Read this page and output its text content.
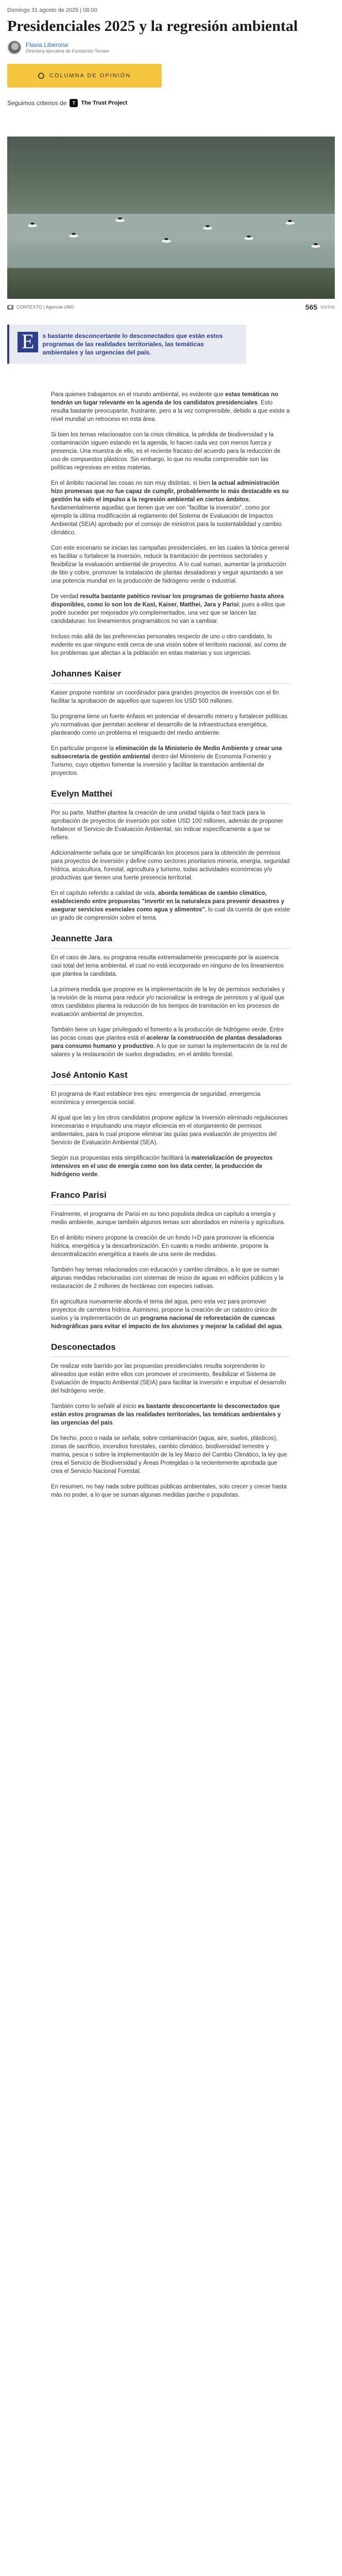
Domingo 31 agosto de 2025 | 08:00
Presidenciales 2025 y la regresión ambiental
Flavia Liberona
Directora ejecutiva de Fundación Terram
COLUMNA DE OPINIÓN
Seguimos criterios de	T	The Trust Project
CONTEXTO | Agencia UNO	565 VISTAS
E	s bastante desconcertante lo desconectados que están estos programas de las realidades territoriales, las temáticas ambientales y las urgencias del país.

Para quienes trabajamos en el mundo ambiental, es evidente que estas temáticas no tendrán un lugar relevante en la agenda de los candidatos presidenciales. Esto resulta bastante preocupante, frustrante, pero a la vez comprensible, debido a que existe a nivel mundial un retroceso en esta área.

Si bien los temas relacionados con la crisis climática, la pérdida de biodiversidad y la contaminación siguen estando en la agenda, lo hacen cada vez con menos fuerza y presencia. Una muestra de ello, es el reciente fracaso del acuerdo para la reducción de uso de compuestos plásticos. Sin embargo, lo que no resulta comprensible son las políticas regresivas en estas materias.

En el ámbito nacional las cosas no son muy distintas, si bien la actual administración hizo promesas que no fue capaz de cumplir, probablemente lo más destacable es su gestión ha sido el impulso a la regresión ambiental en ciertos ámbitos, fundamentalmente aquellas que tienen que ver con "facilitar la inversión", como por ejemplo la última modificación al reglamento del Sistema de Evaluación de Impactos Ambiental (SEIA) aprobado por el consejo de ministros para la sustentabilidad y cambio climático.

Con este escenario se inician las campañas presidenciales, en las cuales la tónica general es facilitar o fortalecer la inversión, reducir la tramitación de permisos sectoriales y flexibilizar la evaluación ambiental de proyectos. A lo cual suman, aumentar la producción de litio y cobre, promover la instalación de plantas desaladoras y seguir apuntando a ser una potencia mundial en la producción de hidrógeno verde o industrial.

De verdad resulta bastante patético revisar los programas de gobierno hasta ahora disponibles, como lo son los de Kast, Kaiser, Matthei, Jara y Parisi; pues a ellos que podré suceder per mejorados y/o complementados, una vez que se lancen las candidaturas: los lineamientos programáticos no van a cambiar.

Incluso más allá de las preferencias personales respecto de uno u otro candidato, lo evidente es que ninguno está cerca de una visión sobre el territorio nacional, así como de los problemas que afectan a la población en estas materias y sus urgencias.

Johannes Kaiser

Kaiser propone nombrar un coordinador para grandes proyectos de inversión con el fin facilitar la aprobación de aquellos que superen los USD 500 millones.

Su programa tiene un fuerte énfasis en potenciar el desarrollo minero y fortalecer políticas y/o normativas que permitan acelerar el desarrollo de la infraestructura energética, planteando como un problema el resguardo del medio ambiente.

En particular propone la eliminación de la Ministerio de Medio Ambiente y crear una subsecretaría de gestión ambiental dentro del Ministerio de Economía Fomento y Turismo, cuyo objetivo fomentar la inversión y facilitar la tramitación ambiental de proyectos.

Evelyn Matthei

Por su parte, Matthei plantea la creación de una unidad rápida o fast track para la aprobación de proyectos de inversión por sobre USD 100 millones, además de proponer fortalecer el Servicio de Evaluación Ambiental, sin indicar específicamente a que se refiere.

Adicionalmente señala que se simplificarán los procesos para la obtención de permisos para proyectos de inversión y define como sectores prioritarios minería, energía, seguridad hídrica, acuicultura, forestal, agricultura y turismo, todas actividades económicas y/o productivas que tienen una fuerte presencia territorial.

En el capítulo referido a calidad de vida, aborda temáticas de cambio climático, estableciendo entre propuestas "invertir en la naturaleza para prevenir desastres y asegurar servicios esenciales como agua y alimentos", lo cual da cuenta de que existe un grado de comprensión sobre el tema.

Jeannette Jara

En el caso de Jara, su programa resulta extremadamente preocupante por la ausencia casi total del tema ambiental, el cual no está incorporado en ninguno de los lineamientos que plantea la candidata.

La primera medida que propone es la implementación de la ley de permisos sectoriales y la revisión de la misma para reducir y/o racionalizar la entrega de permisos y al igual que otros candidatos plantea la reducción de los tiempos de tramitación en los procesos de evaluación ambiental de proyectos.

También tiene un lugar privilegiado el fomento a la producción de hidrógeno verde. Entre las pocas cosas que plantea está el acelerar la construcción de plantas desaladoras para consumo humano y productivo. A lo que se suman la implementación de la red de salares y la restauración de suelos degradados, en el ámbito forestal.

José Antonio Kast

El programa de Kast establece tres ejes: emergencia de seguridad, emergencia económica y emergencia social.

Al igual que las y los otros candidatos propone agilizar la inversión eliminado regulaciones innecesarias e impulsando una mayor eficiencia en el otorgamiento de permisos ambientales, para lo cual propone eliminar las guías para evaluación de proyectos del Servicio de Evaluación Ambiental (SEA).

Según sus propuestas esta simplificación facilitará la materialización de proyectos intensivos en el uso de energía como son los data center, la producción de hidrógeno verde.

Franco Parisi

Finalmente, el programa de Parisi en su tono populista dedica un capítulo a energía y medio ambiente, aunque también algunos temas son abordados en minería y agricultura.

En el ámbito minero propone la creación de un fondo I+D para promover la eficiencia hídrica, energética y la descarbonización. En cuanto a medio ambiente, propone la descentralización energética a través de una serie de medidas.

También hay temas relacionados con educación y cambio climático, a lo que se suman algunas medidas relacionadas con sistemas de reúso de aguas en edificios públicos y la restauración de 2 millones de hectáreas con especies nativas.

En agricultura nuevamente aborda el tema del agua, pero esta vez para promover proyectos de carretera hídrica. Asimismo, propone la creación de un catastro único de suelos y la implementación de un programa nacional de reforestación de cuencas hidrográficas para evitar el impacto de los aluviones y mejorar la calidad del agua.

Desconectados

De realizar este barrido por las propuestas presidenciales resulta sorprendente lo alineados que están entre ellos con promover el crecimiento, flexibilizar el Sistema de Evaluación de Impacto Ambiental (SEIA) para facilitar la inversión e impulsar el desarrollo del hidrógeno verde.

También como lo señalé al inicio es bastante desconcertante lo desconectados que están estos programas de las realidades territoriales, las temáticas ambientales y las urgencias del país.

De hecho, poco o nada se señala, sobre contaminación (agua, aire, suelos, plásticos), zonas de sacrificio, incendios forestales, cambio climático, biodiversidad terrestre y marina, pesca o sobre la implementación de la ley Marco del Cambio Climático, la ley que crea el Servicio de Biodiversidad y Áreas Protegidas o la recientemente aprobada que crea el Servicio Nacional Forestal.

En resumen, no hay nada sobre políticas públicas ambientales, solo crecer y crecer hasta más no poder, a lo que se suman algunas medidas parche o populistas.
